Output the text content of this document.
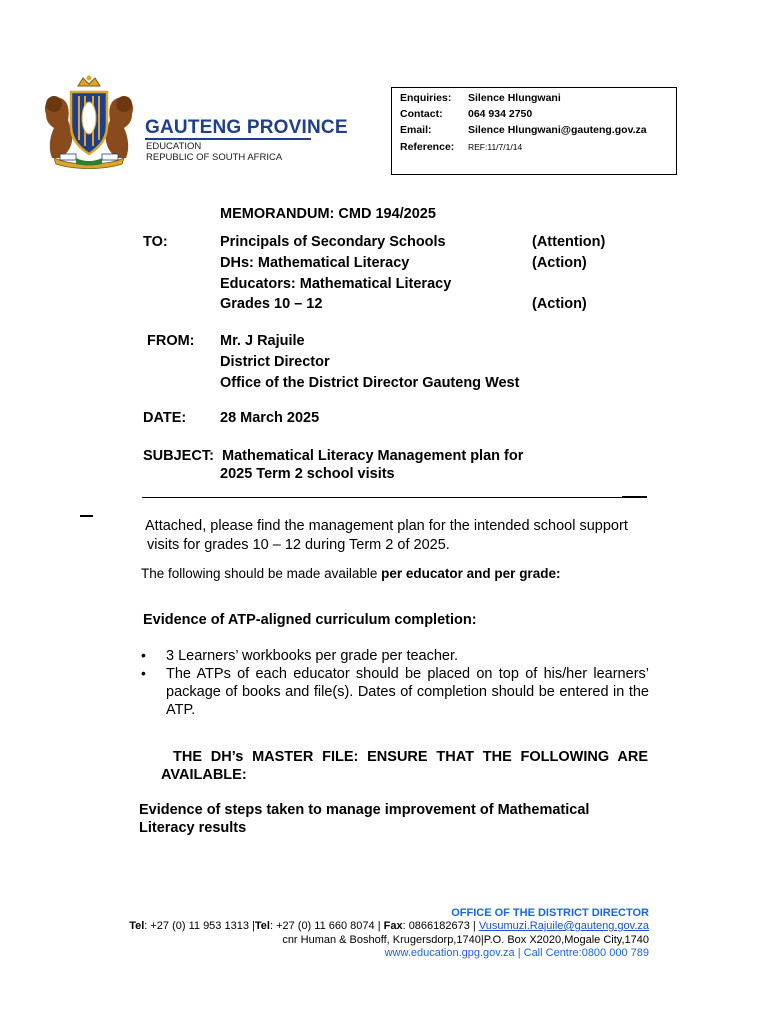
GAUTENG PROVINCE
EDUCATION
REPUBLIC OF SOUTH AFRICA
Enquiries: Silence Hlungwani
Contact: 064 934 2750
Email:	Silence Hlungwani@gauteng.gov.za
Reference: REF:11/7/1/14
MEMORANDUM: CMD 194/2025
TO:	Principals of Secondary Schools	(Attention)
DHs: Mathematical Literacy	(Action)
Educators: Mathematical Literacy
Grades 10 – 12	(Action)
FROM: Mr. J Rajuile
District Director
Office of the District Director Gauteng West
DATE: 28 March 2025
SUBJECT: Mathematical Literacy Management plan for
2025 Term 2 school visits
Attached, please find the management plan for the intended school support
visits for grades 10 – 12 during Term 2 of 2025.
The following should be made available per educator and per grade:
Evidence of ATP-aligned curriculum completion:
• 3 Learners’ workbooks per grade per teacher.
• The ATPs of each educator should be placed on top of his/her learners’ package of books and file(s). Dates of completion should be entered in the ATP.
THE DH’s MASTER FILE: ENSURE THAT THE FOLLOWING ARE
AVAILABLE:
Evidence of steps taken to manage improvement of Mathematical
Literacy results
OFFICE OF THE DISTRICT DIRECTOR
Tel: +27 (0) 11 953 1313 |Tel: +27 (0) 11 660 8074 | Fax: 0866182673 | Vusumuzi.Rajuile@gauteng.gov.za
cnr Human & Boshoff, Krugersdorp,1740|P.O. Box X2020,Mogale City,1740
www.education.gpg.gov.za | Call Centre:0800 000 789
